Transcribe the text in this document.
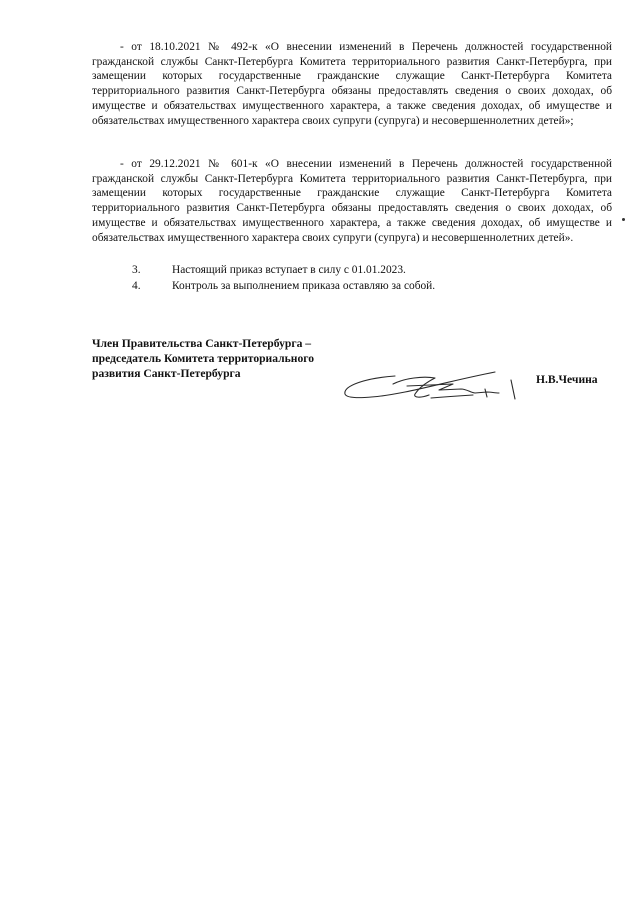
- от 18.10.2021 № 492-к «О внесении изменений в Перечень должностей государственной гражданской службы Санкт-Петербурга Комитета территориального развития Санкт-Петербурга, при замещении которых государственные гражданские служащие Санкт-Петербурга Комитета территориального развития Санкт-Петербурга обязаны предоставлять сведения о своих доходах, об имуществе и обязательствах имущественного характера, а также сведения доходах, об имуществе и обязательствах имущественного характера своих супруги (супруга) и несовершеннолетних детей»;

- от 29.12.2021 № 601-к «О внесении изменений в Перечень должностей государственной гражданской службы Санкт-Петербурга Комитета территориального развития Санкт-Петербурга, при замещении которых государственные гражданские служащие Санкт-Петербурга Комитета территориального развития Санкт-Петербурга обязаны предоставлять сведения о своих доходах, об имуществе и обязательствах имущественного характера, а также сведения доходах, об имуществе и обязательствах имущественного характера своих супруги (супруга) и несовершеннолетних детей».

3.	Настоящий приказ вступает в силу с 01.01.2023.
4.	Контроль за выполнением приказа оставляю за собой.
Член Правительства Санкт-Петербурга –
председатель Комитета территориального
развития Санкт-Петербурга	Н.В.Чечина
